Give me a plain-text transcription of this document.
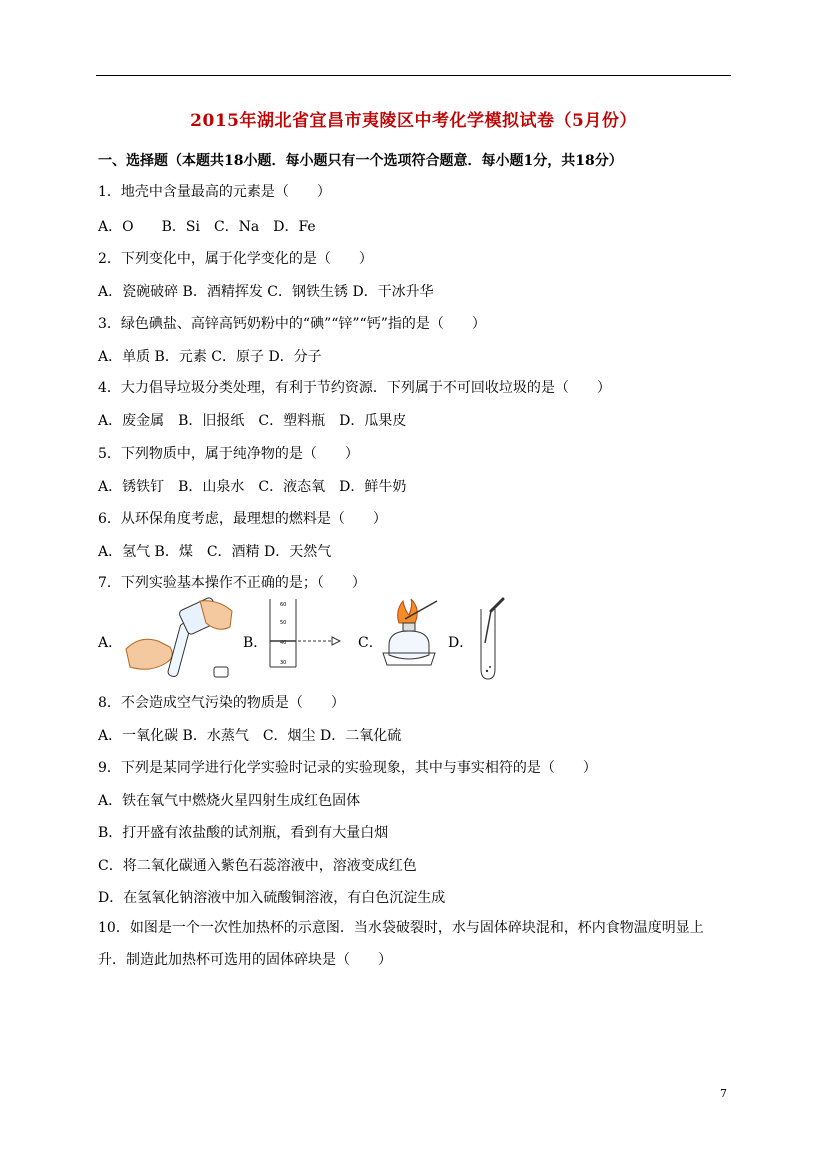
2015年湖北省宜昌市夷陵区中考化学模拟试卷（5月份）
一、选择题（本题共18小题．每小题只有一个选项符合题意．每小题1分，共18分）
1．地壳中含量最高的元素是（　　）
A．O　　B．Si　C．Na　D．Fe
2．下列变化中，属于化学变化的是（　　）
A．瓷碗破碎 B．酒精挥发 C．钢铁生锈 D．干冰升华
3．绿色碘盐、高锌高钙奶粉中的“碘”“锌”“钙”指的是（　　）
A．单质 B．元素 C．原子 D．分子
4．大力倡导垃圾分类处理，有利于节约资源．下列属于不可回收垃圾的是（　　）
A．废金属　B．旧报纸　C．塑料瓶　D．瓜果皮
5．下列物质中，属于纯净物的是（　　）
A．锈铁钉　B．山泉水　C．液态氧　D．鲜牛奶
6．从环保角度考虑，最理想的燃料是（　　）
A．氢气 B．煤　C．酒精 D．天然气
7．下列实验基本操作不正确的是；（　　）
A．	B．
60
50
40
30
C．	D．
8．不会造成空气污染的物质是（　　）
A．一氧化碳 B．水蒸气　C．烟尘 D．二氧化硫
9．下列是某同学进行化学实验时记录的实验现象，其中与事实相符的是（　　）
A．铁在氧气中燃烧火星四射生成红色固体
B．打开盛有浓盐酸的试剂瓶，看到有大量白烟
C．将二氧化碳通入紫色石蕊溶液中，溶液变成红色
D．在氢氧化钠溶液中加入硫酸铜溶液，有白色沉淀生成
10．如图是一个一次性加热杯的示意图．当水袋破裂时，水与固体碎块混和，杯内食物温度明显上升．制造此加热杯可选用的固体碎块是（　　）
7
